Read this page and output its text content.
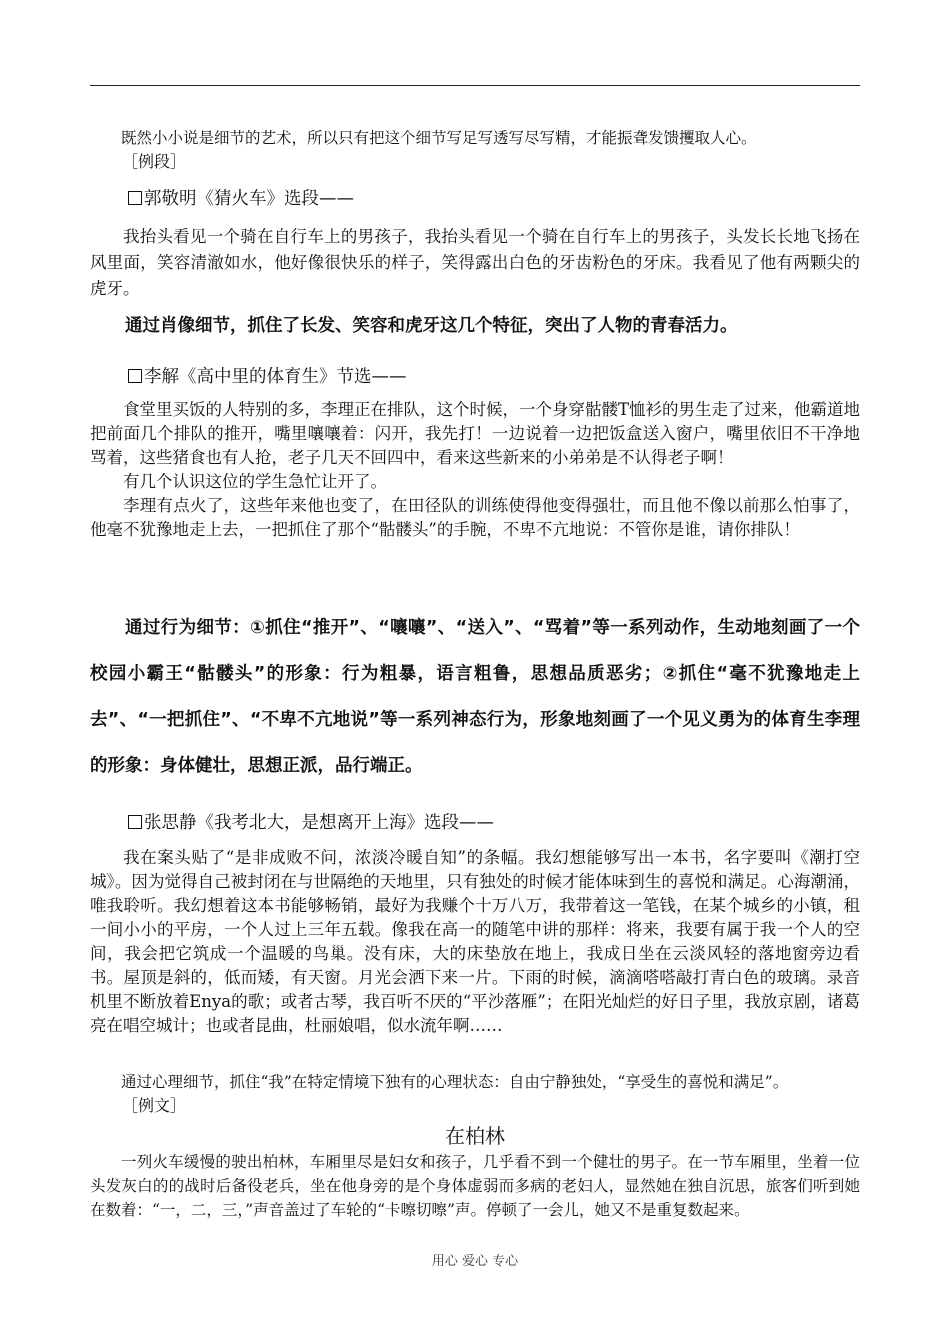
既然小小说是细节的艺术，所以只有把这个细节写足写透写尽写精，才能振聋发馈攫取人心。

［例段］

郭敬明《猜火车》选段——

我抬头看见一个骑在自行车上的男孩子，我抬头看见一个骑在自行车上的男孩子，头发长长地飞扬在风里面，笑容清澈如水，他好像很快乐的样子，笑得露出白色的牙齿粉色的牙床。我看见了他有两颗尖的虎牙。

通过肖像细节，抓住了长发、笑容和虎牙这几个特征，突出了人物的青春活力。

李解《高中里的体育生》节选——

食堂里买饭的人特别的多，李理正在排队，这个时候，一个身穿骷髅T恤衫的男生走了过来，他霸道地把前面几个排队的推开，嘴里嚷嚷着：闪开，我先打！一边说着一边把饭盒送入窗户，嘴里依旧不干净地骂着，这些猪食也有人抢，老子几天不回四中，看来这些新来的小弟弟是不认得老子啊！

有几个认识这位的学生急忙让开了。

李理有点火了，这些年来他也变了，在田径队的训练使得他变得强壮，而且他不像以前那么怕事了，他毫不犹豫地走上去，一把抓住了那个“骷髅头”的手腕，不卑不亢地说：不管你是谁，请你排队！

通过行为细节：①抓住“推开”、“嚷嚷”、“送入”、“骂着”等一系列动作，生动地刻画了一个校园小霸王“骷髅头”的形象：行为粗暴，语言粗鲁，思想品质恶劣；②抓住“毫不犹豫地走上去”、“一把抓住”、“不卑不亢地说”等一系列神态行为，形象地刻画了一个见义勇为的体育生李理的形象：身体健壮，思想正派，品行端正。

张思静《我考北大，是想离开上海》选段——

我在案头贴了“是非成败不问，浓淡冷暖自知”的条幅。我幻想能够写出一本书，名字要叫《潮打空城》。因为觉得自己被封闭在与世隔绝的天地里，只有独处的时候才能体味到生的喜悦和满足。心海潮涌，唯我聆听。我幻想着这本书能够畅销，最好为我赚个十万八万，我带着这一笔钱，在某个城乡的小镇，租一间小小的平房，一个人过上三年五载。像我在高一的随笔中讲的那样：将来，我要有属于我一个人的空间，我会把它筑成一个温暖的鸟巢。没有床，大的床垫放在地上，我成日坐在云淡风轻的落地窗旁边看书。屋顶是斜的，低而矮，有天窗。月光会洒下来一片。下雨的时候，滴滴嗒嗒敲打青白色的玻璃。录音机里不断放着Enya的歌；或者古琴，我百听不厌的“平沙落雁”；在阳光灿烂的好日子里，我放京剧，诸葛亮在唱空城计；也或者昆曲，杜丽娘唱，似水流年啊……

通过心理细节，抓住“我”在特定情境下独有的心理状态：自由宁静独处，“享受生的喜悦和满足”。

［例文］

在柏林

一列火车缓慢的驶出柏林，车厢里尽是妇女和孩子，几乎看不到一个健壮的男子。在一节车厢里，坐着一位头发灰白的的战时后备役老兵，坐在他身旁的是个身体虚弱而多病的老妇人，显然她在独自沉思，旅客们听到她在数着：“一，二，三，”声音盖过了车轮的“卡嚓切嚓”声。停顿了一会儿，她又不是重复数起来。

用心 爱心 专心
